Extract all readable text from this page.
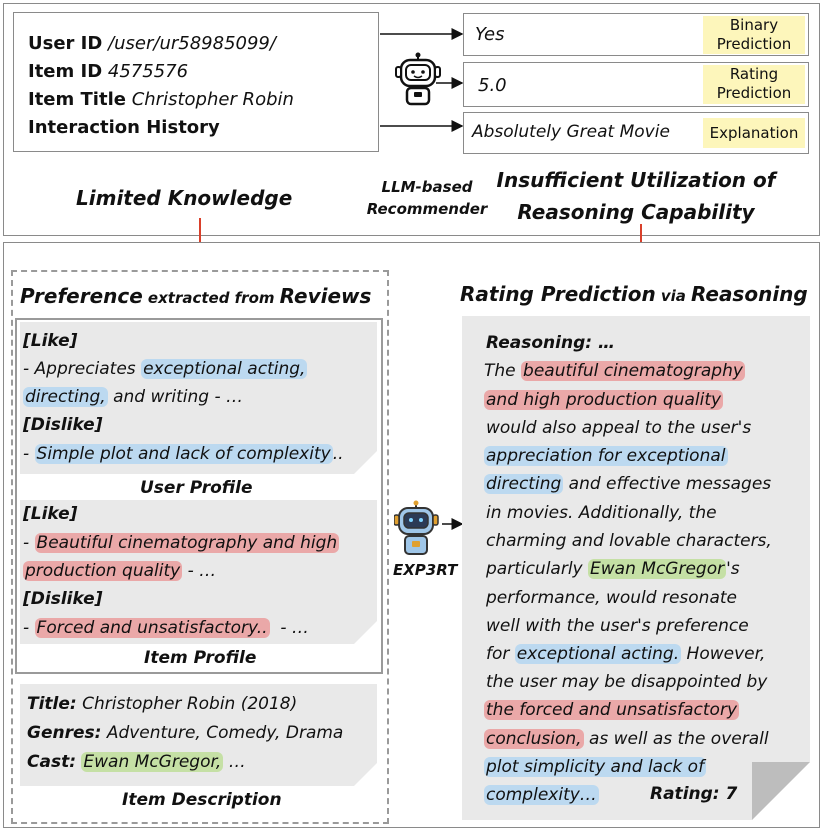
User ID /user/ur58985099/
Item ID 4575576
Item Title Christopher Robin
Interaction History
Yes	Binary
Prediction
5.0
Rating
Prediction
Absolutely Great Movie	Explanation
Limited Knowledge	LLM-based
Recommender
Insufficient Utilization of
Reasoning Capability
Preference extracted from Reviews
[Like]
- Appreciates exceptional acting,
directing, and writing - …
[Dislike]
- Simple plot and lack of complexity ..
User Profile
[Like]
- Beautiful cinematography and high
production quality - …
[Dislike]
- Forced and unsatisfactory.. - …
Item Profile
Title: Christopher Robin (2018)
Genres: Adventure, Comedy, Drama
Cast: Ewan McGregor, …
Item Description
EXP3RT
Rating Prediction via Reasoning
Reasoning: …
The beautiful cinematography
and high production quality
would also appeal to the user's
appreciation for exceptional
directing and effective messages
in movies. Additionally, the
charming and lovable characters,
particularly Ewan McGregor 's
performance, would resonate
well with the user's preference
for exceptional acting. However,
the user may be disappointed by
the forced and unsatisfactory
conclusion, as well as the overall
plot simplicity and lack of
complexity…	Rating: 7
